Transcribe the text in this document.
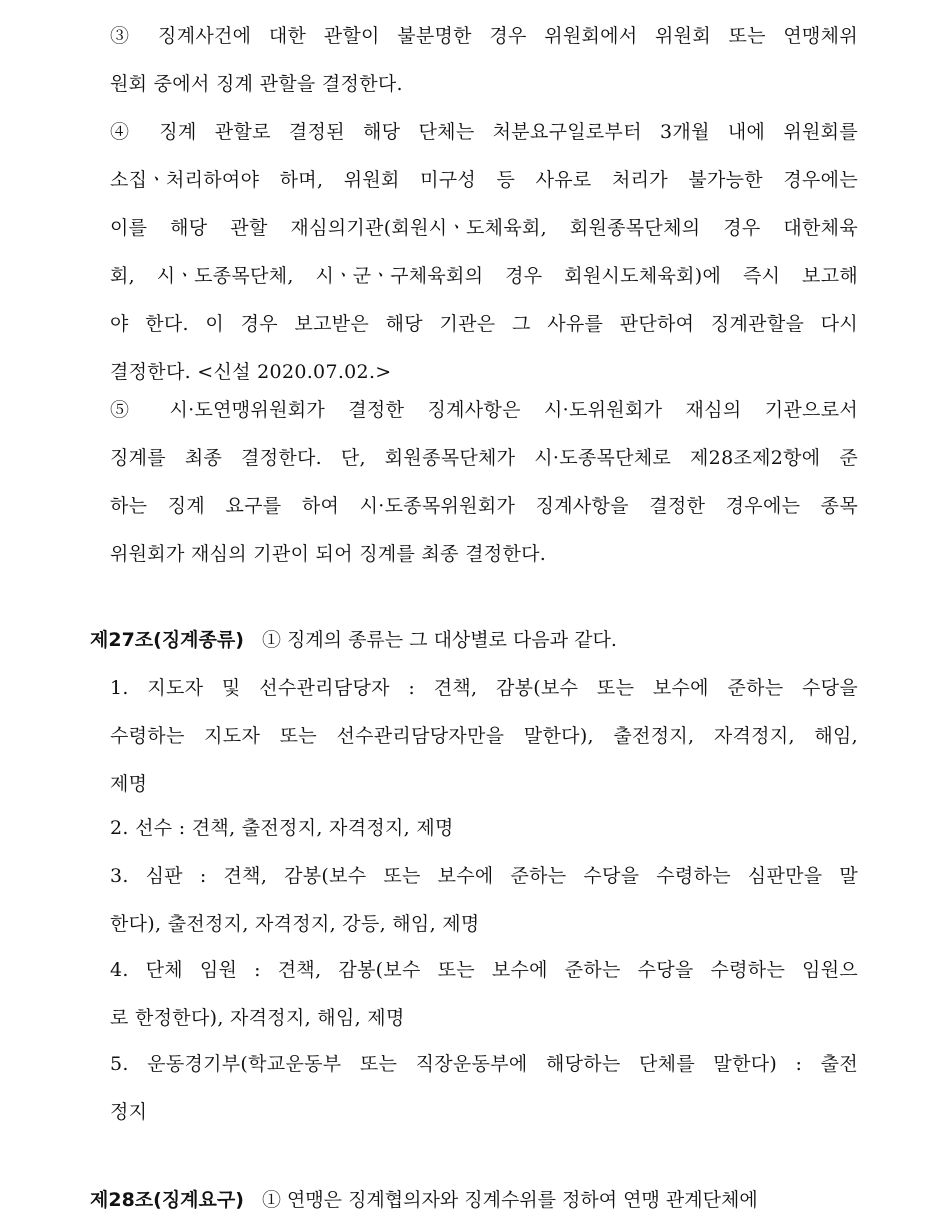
③ 징계사건에 대한 관할이 불분명한 경우 위원회에서 위원회 또는 연맹체위
원회 중에서 징계 관할을 결정한다.
④ 징계 관할로 결정된 해당 단체는 처분요구일로부터 3개월 내에 위원회를
소집ㆍ처리하여야 하며, 위원회 미구성 등 사유로 처리가 불가능한 경우에는
이를 해당 관할 재심의기관(회원시ㆍ도체육회, 회원종목단체의 경우 대한체육
회, 시ㆍ도종목단체, 시ㆍ군ㆍ구체육회의 경우 회원시도체육회)에 즉시 보고해
야 한다. 이 경우 보고받은 해당 기관은 그 사유를 판단하여 징계관할을 다시
결정한다. <신설 2020.07.02.>
⑤ 시·도연맹위원회가 결정한 징계사항은 시·도위원회가 재심의 기관으로서
징계를 최종 결정한다. 단, 회원종목단체가 시·도종목단체로 제28조제2항에 준
하는 징계 요구를 하여 시·도종목위원회가 징계사항을 결정한 경우에는 종목
위원회가 재심의 기관이 되어 징계를 최종 결정한다.
제27조(징계종류) ① 징계의 종류는 그 대상별로 다음과 같다.
1. 지도자 및 선수관리담당자 : 견책, 감봉(보수 또는 보수에 준하는 수당을
수령하는 지도자 또는 선수관리담당자만을 말한다), 출전정지, 자격정지, 해임,
제명
2. 선수 : 견책, 출전정지, 자격정지, 제명
3. 심판 : 견책, 감봉(보수 또는 보수에 준하는 수당을 수령하는 심판만을 말
한다), 출전정지, 자격정지, 강등, 해임, 제명
4. 단체 임원 : 견책, 감봉(보수 또는 보수에 준하는 수당을 수령하는 임원으
로 한정한다), 자격정지, 해임, 제명
5. 운동경기부(학교운동부 또는 직장운동부에 해당하는 단체를 말한다) : 출전
정지
제28조(징계요구) ① 연맹은 징계협의자와 징계수위를 정하여 연맹 관계단체에
